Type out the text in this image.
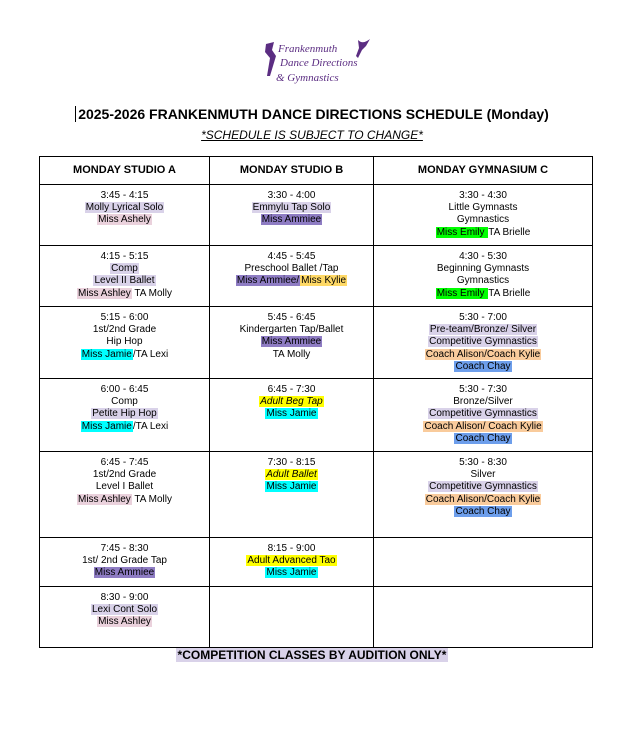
Frankenmuth
Dance Directions
& Gymnastics
2025-2026 FRANKENMUTH DANCE DIRECTIONS SCHEDULE (Monday)
*SCHEDULE IS SUBJECT TO CHANGE*
MONDAY STUDIO A	MONDAY STUDIO B	MONDAY GYMNASIUM C

3:45 - 4:15
Molly Lyrical Solo
Miss Ashely	3:30 - 4:00
Emmylu Tap Solo
Miss Ammiee	3:30 - 4:30
Little Gymnasts
Gymnastics
Miss Emily TA Brielle

4:15 - 5:15
Comp
Level II Ballet
Miss Ashley TA Molly	4:45 - 5:45
Preschool Ballet /Tap
Miss Ammiee/ Miss Kylie	4:30 - 5:30
Beginning Gymnasts
Gymnastics
Miss Emily TA Brielle

5:15 - 6:00
1st/2nd Grade
Hip Hop
Miss Jamie/TA Lexi	5:45 - 6:45
Kindergarten Tap/Ballet
Miss Ammiee
TA Molly	5:30 - 7:00
Pre-team/Bronze/ Silver
Competitive Gymnastics
Coach Alison/Coach Kylie
Coach Chay

6:00 - 6:45
Comp
Petite Hip Hop
Miss Jamie/TA Lexi	6:45 - 7:30
Adult Beg Tap
Miss Jamie	5:30 - 7:30
Bronze/Silver
Competitive Gymnastics
Coach Alison/ Coach Kylie
Coach Chay

6:45 - 7:45
1st/2nd Grade
Level I Ballet
Miss Ashley TA Molly	7:30 - 8:15
Adult Ballet
Miss Jamie	5:30 - 8:30
Silver
Competitive Gymnastics
Coach Alison/Coach Kylie
Coach Chay

7:45 - 8:30
1st/ 2nd Grade Tap
Miss Ammiee	8:15 - 9:00
Adult Advanced Tao
Miss Jamie	

8:30 - 9:00
Lexi Cont Solo
Miss Ashley		

*COMPETITION CLASSES BY AUDITION ONLY*
